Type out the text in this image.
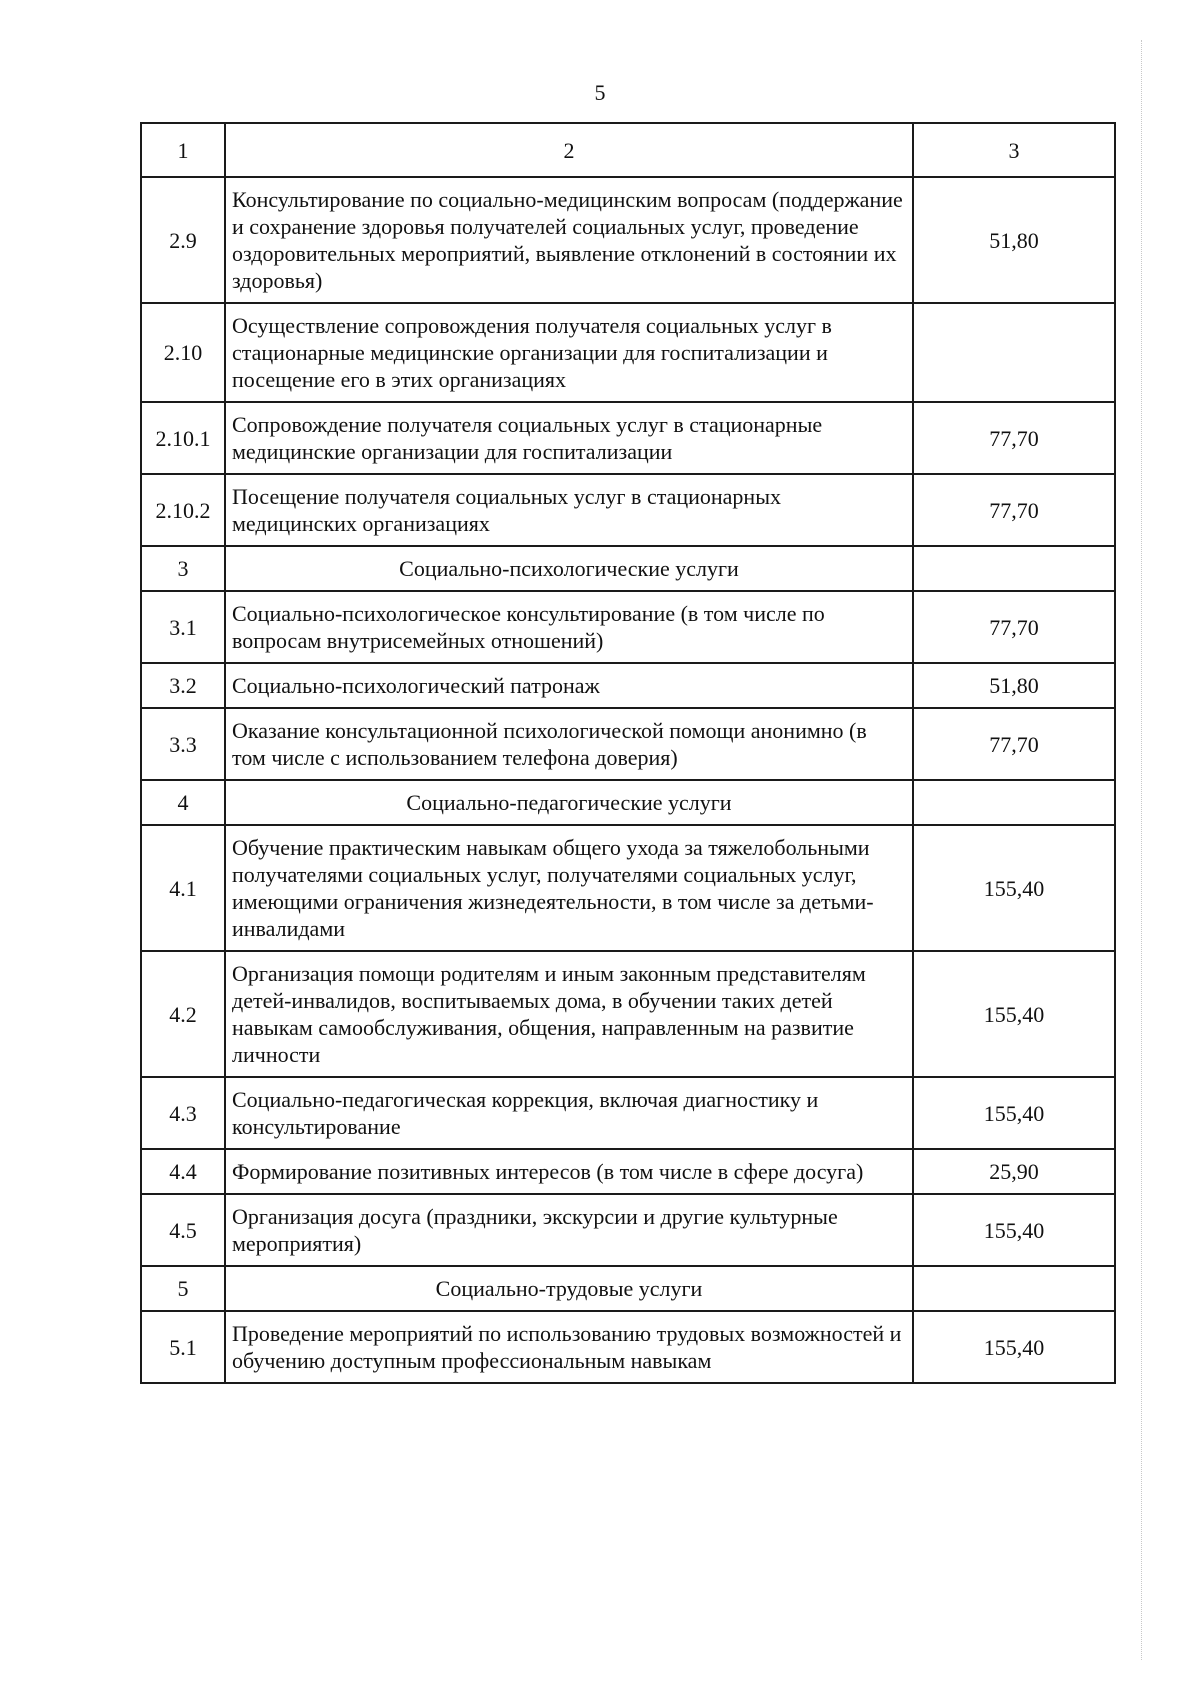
5
1	2	3
2.9	Консультирование по социально-медицинским вопросам (поддержание и сохранение здоровья получателей социальных услуг, проведение оздоровительных мероприятий, выявление отклонений в состоянии их здоровья)	51,80
2.10	Осуществление сопровождения получателя социальных услуг в стационарные медицинские организации для госпитализации и посещение его в этих организациях	
2.10.1	Сопровождение получателя социальных услуг в стационарные медицинские организации для госпитализации	77,70
2.10.2	Посещение получателя социальных услуг в стационарных медицинских организациях	77,70
3	Социально-психологические услуги	
3.1	Социально-психологическое консультирование (в том числе по вопросам внутрисемейных отношений)	77,70
3.2	Социально-психологический патронаж	51,80
3.3	Оказание консультационной психологической помощи анонимно (в том числе с использованием телефона доверия)	77,70
4	Социально-педагогические услуги	
4.1	Обучение практическим навыкам общего ухода за тяжелобольными получателями социальных услуг, получателями социальных услуг, имеющими ограничения жизнедеятельности, в том числе за детьми-инвалидами	155,40
4.2	Организация помощи родителям и иным законным представителям детей-инвалидов, воспитываемых дома, в обучении таких детей навыкам самообслуживания, общения, направленным на развитие личности	155,40
4.3	Социально-педагогическая коррекция, включая диагностику и консультирование	155,40
4.4	Формирование позитивных интересов (в том числе в сфере досуга)	25,90
4.5	Организация досуга (праздники, экскурсии и другие культурные мероприятия)	155,40
5	Социально-трудовые услуги	
5.1	Проведение мероприятий по использованию трудовых возможностей и обучению доступным профессиональным навыкам	155,40
